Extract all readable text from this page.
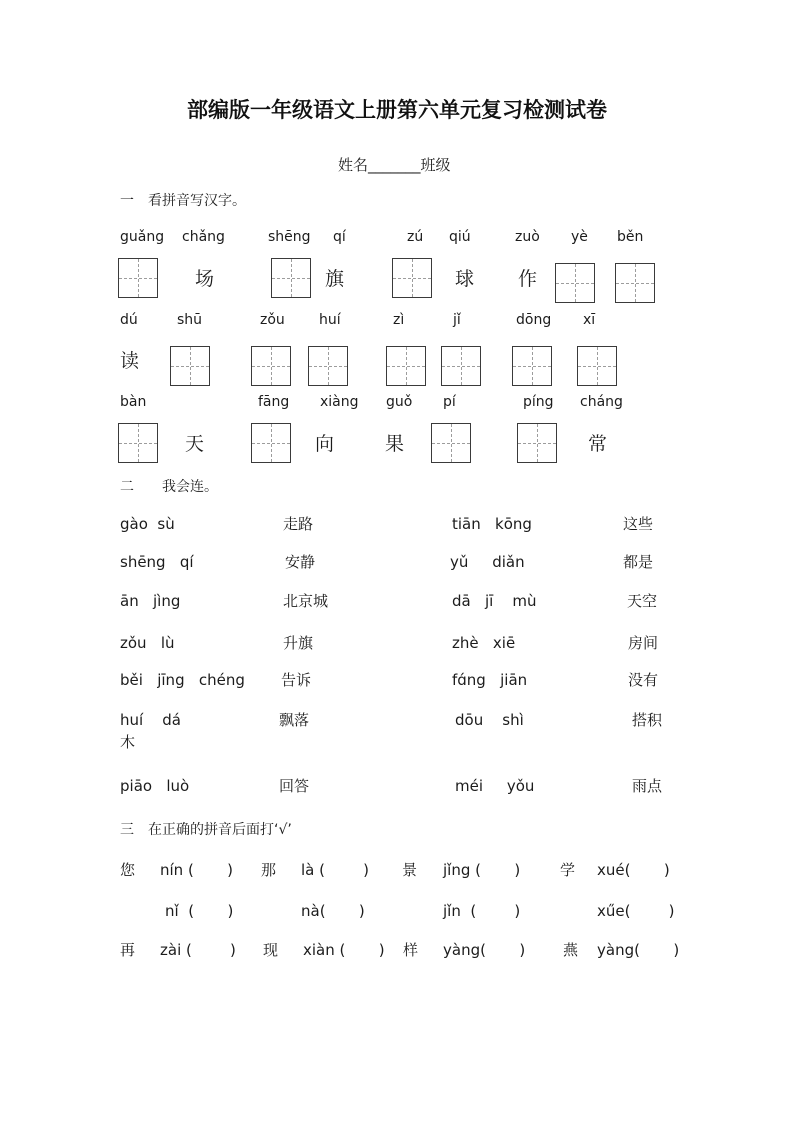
部编版一年级语文上册第六单元复习检测试卷
姓名_______班级
一　看拼音写汉字。
guǎng chǎng	shēng qí	zú qiú	zuò yè běn
场	旗	球 作
dú	shū	zǒu huí	zì	jǐ	dōng xī
读
bàn	fāng xiàng guǒ pí	píng cháng
天	向	果	常
二　　我会连。
gào  sù	走路	tiān   kōng	这些
shēng   qí	安静	yǔ     diǎn	都是
ān   jìng	北京城	dā   jī    mù	天空
zǒu   lù	升旗	zhè   xiē	房间
běi   jīng   chéng 告诉	fɑ́ng   jiān	没有
huí    dá	飘落	dōu    shì	搭积
木
piāo   luò	回答	méi     yǒu	雨点
三　在正确的拼音后面打‘√’
您 nín (       ) 那 là (        ) 景 jǐng (       )	学 xué(       )
nǐ  (       )	nà(       )	jǐn  (        )	xűe(        )
再 zài (        ) 现 xiàn (       ) 样 yàng(       )	燕 yàng(       )
